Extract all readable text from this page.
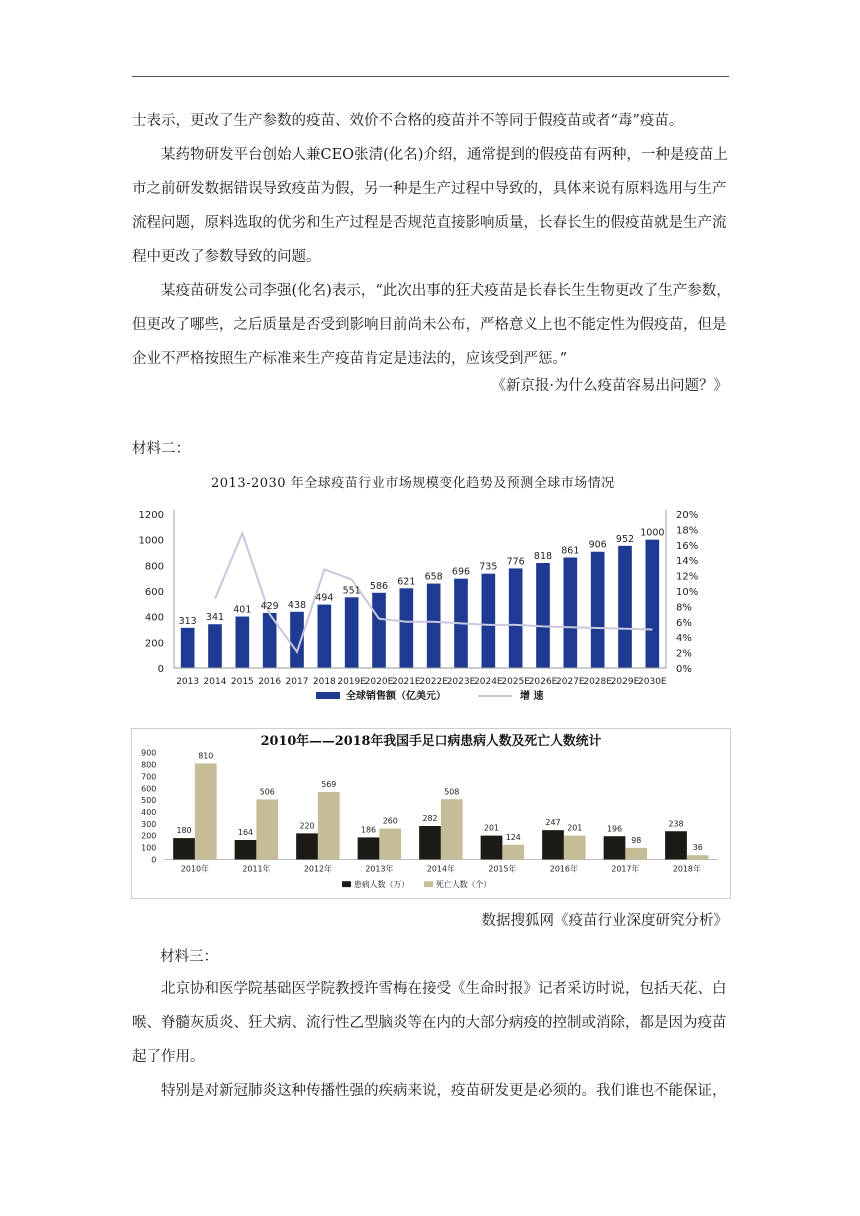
士表示，更改了生产参数的疫苗、效价不合格的疫苗并不等同于假疫苗或者“毒”疫苗。

某药物研发平台创始人兼CEO张清(化名)介绍，通常提到的假疫苗有两种，一种是疫苗上市之前研发数据错误导致疫苗为假，另一种是生产过程中导致的，具体来说有原料选用与生产流程问题，原料选取的优劣和生产过程是否规范直接影响质量，长春长生的假疫苗就是生产流程中更改了参数导致的问题。

某疫苗研发公司李强(化名)表示，“此次出事的狂犬疫苗是长春长生生物更改了生产参数，但更改了哪些，之后质量是否受到影响目前尚未公布，严格意义上也不能定性为假疫苗，但是企业不严格按照生产标准来生产疫苗肯定是违法的，应该受到严惩。”

《新京报·为什么疫苗容易出问题？》
材料二：
2013-2030 年全球疫苗行业市场规模变化趋势及预测全球市场情况
313
2013
341
2014
401
2015
429
2016
438
2017
494
2018
551
2019E
586
2020E
621
2021E
658
2022E
696
2023E
735
2024E
776
2025E
818
2026E
861
2027E
906
2028E
952
2029E
1000
2030E
0
200
400
600
800
1000
1200
0%
2%
4%
6%
8%
10%
12%
14%
16%
18%
20%
全球销售额（亿美元）	增 速
2010年——2018年我国手足口病患病人数及死亡人数统计
0
100
200
300
400
500
600
700
800
900
180
810
2010年
164
506
2011年
220
569
2012年
186
260
2013年
282
508
2014年
201
124
2015年
247
201
2016年
196
98
2017年
238
36
2018年
患病人数（万）	死亡人数（个）
数据搜狐网《疫苗行业深度研究分析》
材料三：

北京协和医学院基础医学院教授许雪梅在接受《生命时报》记者采访时说，包括天花、白喉、脊髓灰质炎、狂犬病、流行性乙型脑炎等在内的大部分病疫的控制或消除，都是因为疫苗起了作用。

特别是对新冠肺炎这种传播性强的疾病来说，疫苗研发更是必须的。我们谁也不能保证，
